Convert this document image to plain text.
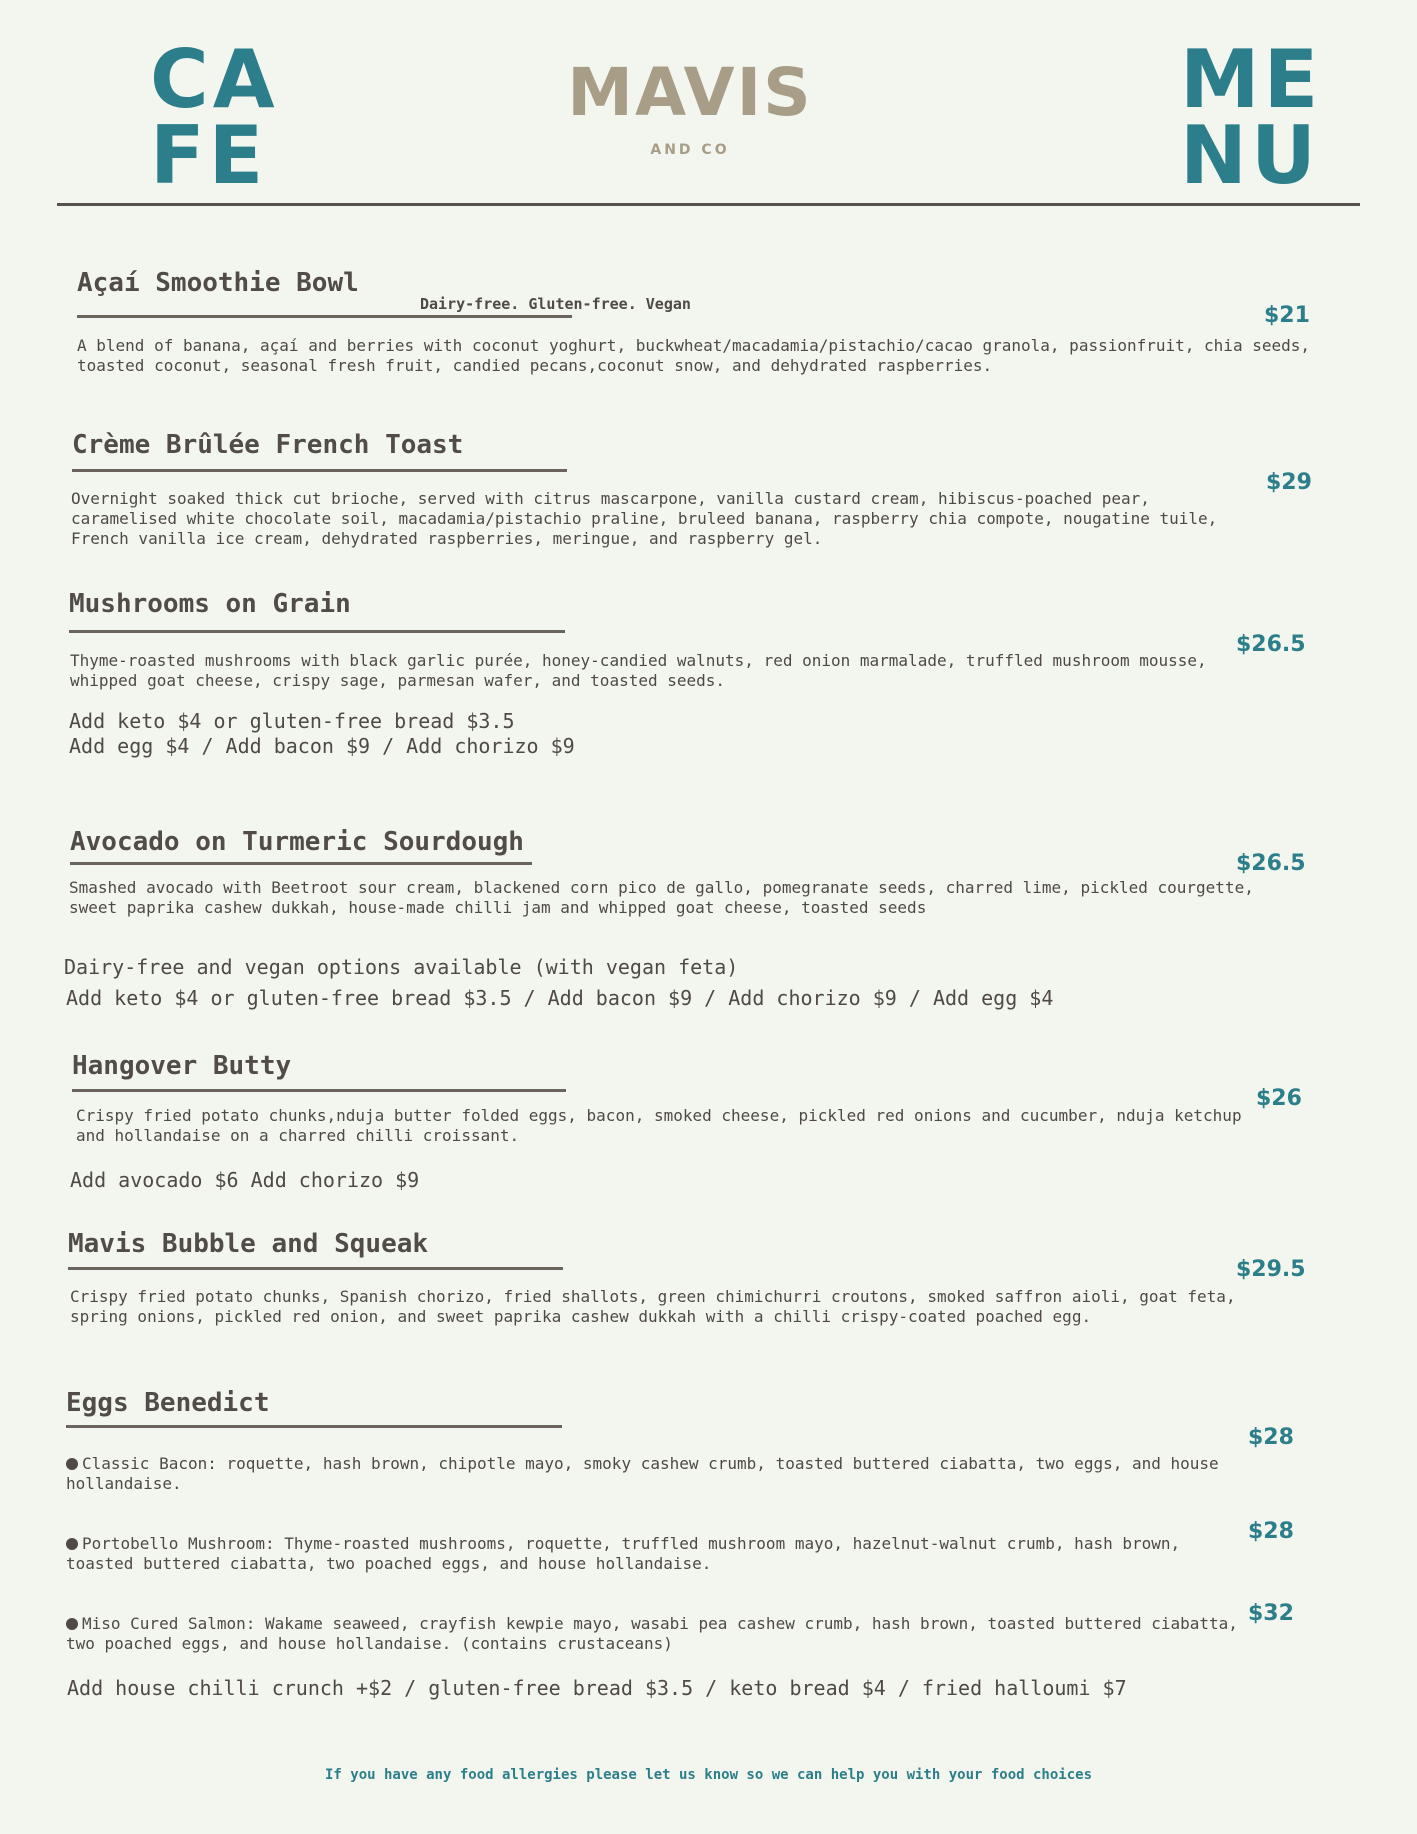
CA
FE
MAVIS
AND CO
ME
NU
Açaí Smoothie Bowl
Dairy-free. Gluten-free. Vegan	$21
A blend of banana, açaí and berries with coconut yoghurt, buckwheat/macadamia/pistachio/cacao granola, passionfruit, chia seeds, toasted coconut, seasonal fresh fruit, candied pecans,coconut snow, and dehydrated raspberries.
Crème Brûlée French Toast
$29
Overnight soaked thick cut brioche, served with citrus mascarpone, vanilla custard cream, hibiscus-poached pear, caramelised white chocolate soil, macadamia/pistachio praline, bruleed banana, raspberry chia compote, nougatine tuile, French vanilla ice cream, dehydrated raspberries, meringue, and raspberry gel.
Mushrooms on Grain
$26.5
Thyme-roasted mushrooms with black garlic purée, honey-candied walnuts, red onion marmalade, truffled mushroom mousse, whipped goat cheese, crispy sage, parmesan wafer, and toasted seeds.
Add keto $4 or gluten-free bread $3.5
Add egg $4 / Add bacon $9 / Add chorizo $9
Avocado on Turmeric Sourdough
$26.5
Smashed avocado with Beetroot sour cream, blackened corn pico de gallo, pomegranate seeds, charred lime, pickled courgette, sweet paprika cashew dukkah, house-made chilli jam and whipped goat cheese, toasted seeds
Dairy-free and vegan options available (with vegan feta)
Add keto $4 or gluten-free bread $3.5 / Add bacon $9 / Add chorizo $9 / Add egg $4
Hangover Butty
$26
Crispy fried potato chunks,nduja butter folded eggs, bacon, smoked cheese, pickled red onions and cucumber, nduja ketchup and hollandaise on a charred chilli croissant.
Add avocado $6 Add chorizo $9
Mavis Bubble and Squeak
$29.5
Crispy fried potato chunks, Spanish chorizo, fried shallots, green chimichurri croutons, smoked saffron aioli, goat feta, spring onions, pickled red onion, and sweet paprika cashew dukkah with a chilli crispy-coated poached egg.
Eggs Benedict
$28
Classic Bacon: roquette, hash brown, chipotle mayo, smoky cashew crumb, toasted buttered ciabatta, two eggs, and house hollandaise.
$28
Portobello Mushroom: Thyme-roasted mushrooms, roquette, truffled mushroom mayo, hazelnut-walnut crumb, hash brown, toasted buttered ciabatta, two poached eggs, and house hollandaise.
$32
Miso Cured Salmon: Wakame seaweed, crayfish kewpie mayo, wasabi pea cashew crumb, hash brown, toasted buttered ciabatta, two poached eggs, and house hollandaise. (contains crustaceans)
Add house chilli crunch +$2 / gluten-free bread $3.5 / keto bread $4 / fried halloumi $7
If you have any food allergies please let us know so we can help you with your food choices
